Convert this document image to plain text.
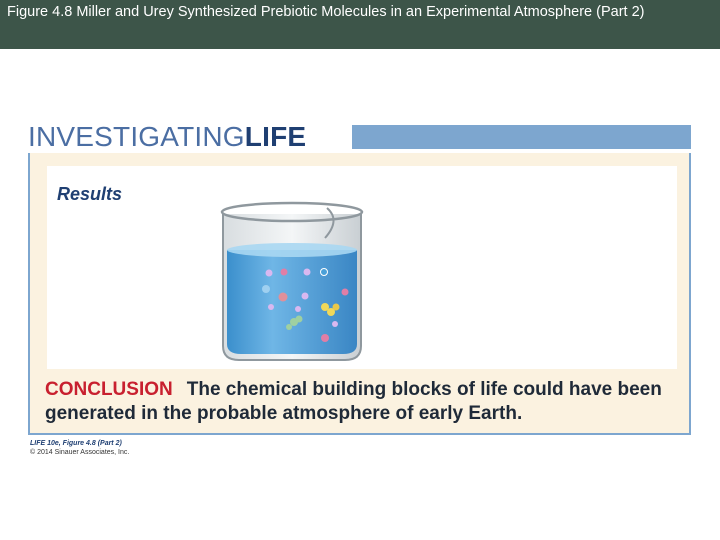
Figure 4.8 Miller and Urey Synthesized Prebiotic Molecules in an Experimental Atmosphere (Part 2)
INVESTIGATINGLIFE
Results
CONCLUSION The chemical building blocks of life could have been generated in the probable atmosphere of early Earth.
LIFE 10e, Figure 4.8 (Part 2)
© 2014 Sinauer Associates, Inc.
